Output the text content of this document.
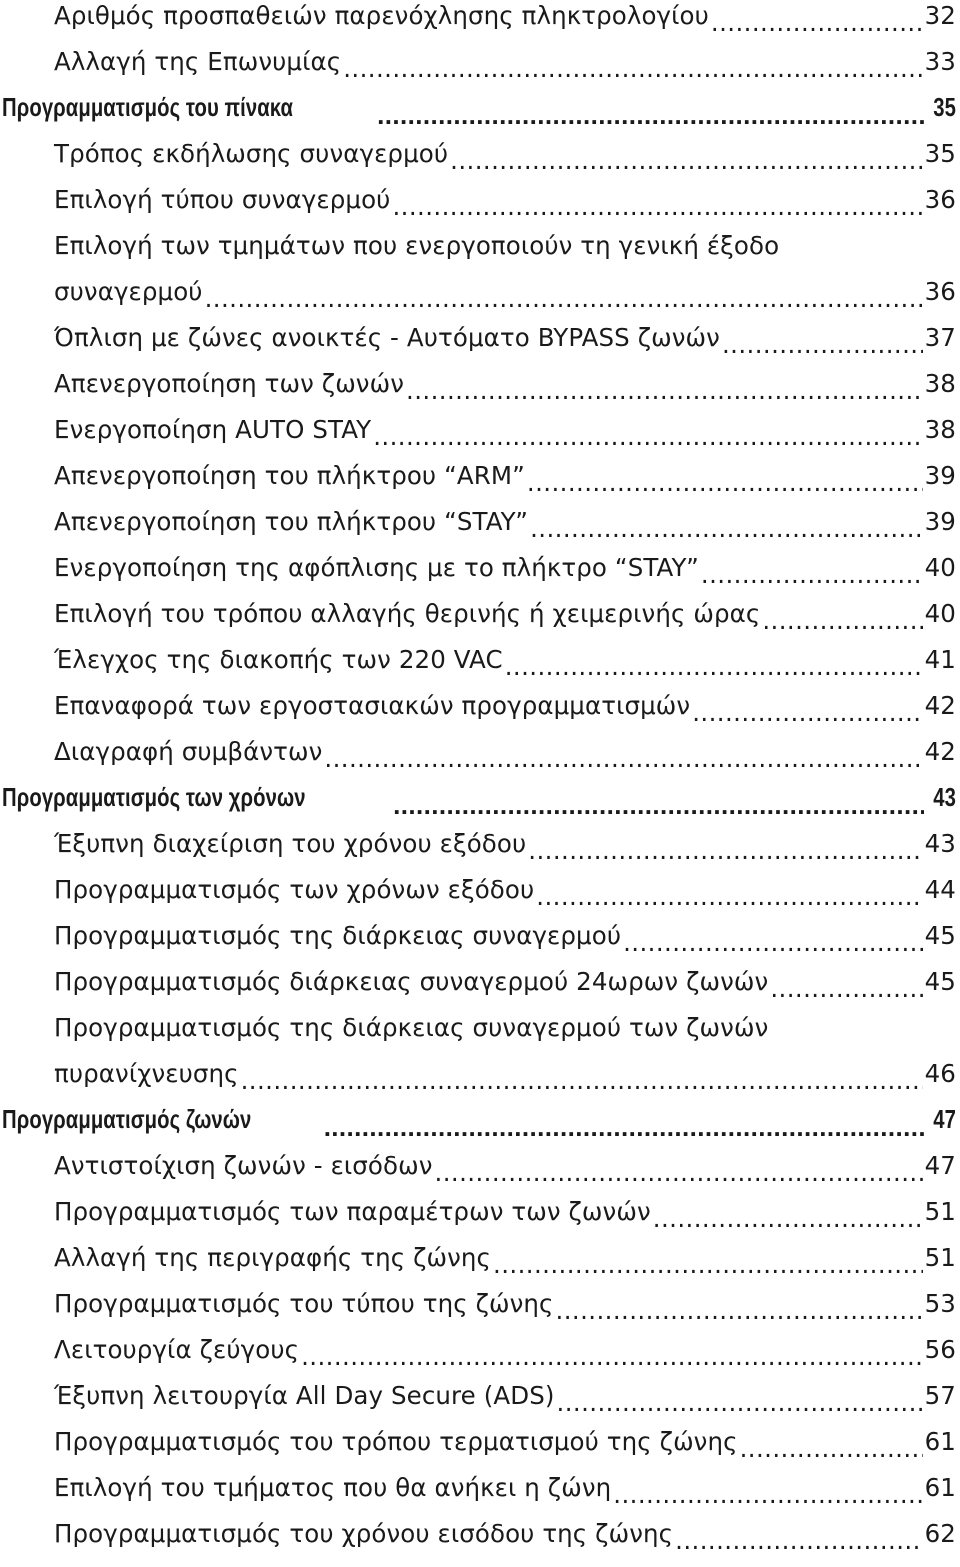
Αριθμός προσπαθειών παρενόχλησης πληκτρολογίου .....	32
Αλλαγή της Επωνυμίας .....	33
Προγραμματισμός του πίνακα .....	35
Τρόπος εκδήλωσης συναγερμού .....	35
Επιλογή τύπου συναγερμού .....	36
Επιλογή των τμημάτων που ενεργοποιούν τη γενική έξοδο
συναγερμού .....	36
Όπλιση με ζώνες ανοικτές - Αυτόματο BYPASS ζωνών .....	37
Απενεργοποίηση των ζωνών .....	38
Ενεργοποίηση AUTO STAY .....	38
Απενεργοποίηση του πλήκτρου “ARM” .....	39
Απενεργοποίηση του πλήκτρου “STAY” .....	39
Ενεργοποίηση της αφόπλισης με το πλήκτρο “STAY” .....	40
Επιλογή του τρόπου αλλαγής θερινής ή χειμερινής ώρας .....	40
Έλεγχος της διακοπής των 220 VAC .....	41
Επαναφορά των εργοστασιακών προγραμματισμών .....	42
Διαγραφή συμβάντων .....	42
Προγραμματισμός των χρόνων .....	43
Έξυπνη διαχείριση του χρόνου εξόδου .....	43
Προγραμματισμός των χρόνων εξόδου .....	44
Προγραμματισμός της διάρκειας συναγερμού .....	45
Προγραμματισμός διάρκειας συναγερμού 24ωρων ζωνών .....	45
Προγραμματισμός της διάρκειας συναγερμού των ζωνών
πυρανίχνευσης .....	46
Προγραμματισμός ζωνών .....	47
Αντιστοίχιση ζωνών - εισόδων .....	47
Προγραμματισμός των παραμέτρων των ζωνών .....	51
Αλλαγή της περιγραφής της ζώνης .....	51
Προγραμματισμός του τύπου της ζώνης .....	53
Λειτουργία ζεύγους .....	56
Έξυπνη λειτουργία All Day Secure (ADS) .....	57
Προγραμματισμός του τρόπου τερματισμού της ζώνης .....	61
Επιλογή του τμήματος που θα ανήκει η ζώνη .....	61
Προγραμματισμός του χρόνου εισόδου της ζώνης .....	62
